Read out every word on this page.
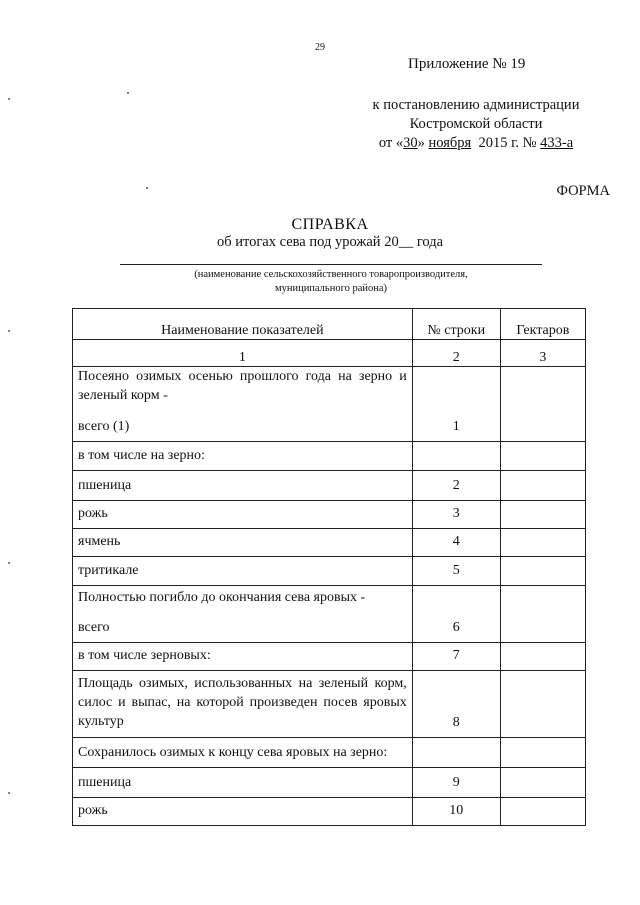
29
Приложение № 19
к постановлению администрации
Костромской области
от «30» ноября  2015 г. № 433-а
ФОРМА
СПРАВКА
об итогах сева под урожай 20__ года
(наименование сельскохозяйственного товаропроизводителя,
муниципального района)
Наименование показателей	№ строки	Гектаров
1	2	3

Посеяно озимых осенью прошлого года на зерно и зеленый корм -
всего (1)	1	
в том числе на зерно:		
пшеница	2	
рожь	3	
ячмень	4	
тритикале	5	

Полностью погибло до окончания сева яровых -
всего	6	
в том числе зерновых:	7	

Площадь озимых, использованных на зеленый корм, силос и выпас, на которой произведен посев яровых культур	8	
Сохранилось озимых к концу сева яровых на зерно:		
пшеница	9	
рожь	10	
